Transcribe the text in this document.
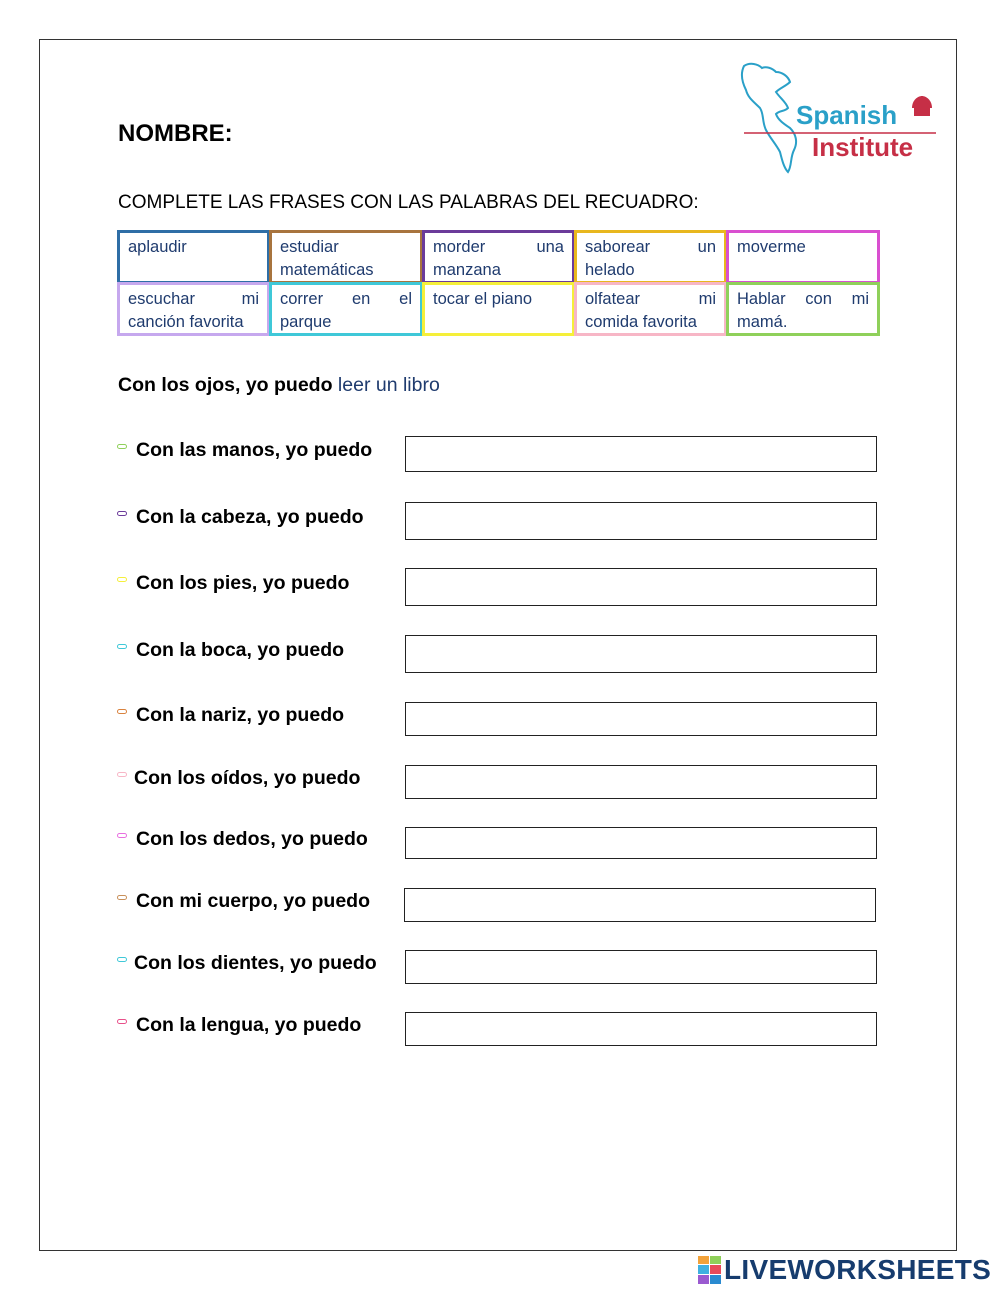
NOMBRE:
Spanish
Institute
COMPLETE LAS FRASES CON LAS PALABRAS DEL RECUADRO:
aplaudir	estudiar matemáticas
morder una manzana
saborear un helado
moverme
escuchar mi canción favorita
correr en el parque
tocar el piano	olfatear mi comida favorita
Hablar con mi mamá.
Con los ojos, yo puedo leer un libro
Con las manos, yo puedo
Con la cabeza, yo puedo
Con los pies, yo puedo
Con la boca, yo puedo
Con la nariz, yo puedo
Con los oídos, yo puedo
Con los dedos, yo puedo
Con mi cuerpo, yo puedo
Con los dientes, yo puedo
Con la lengua, yo puedo
LIVEWORKSHEETS
